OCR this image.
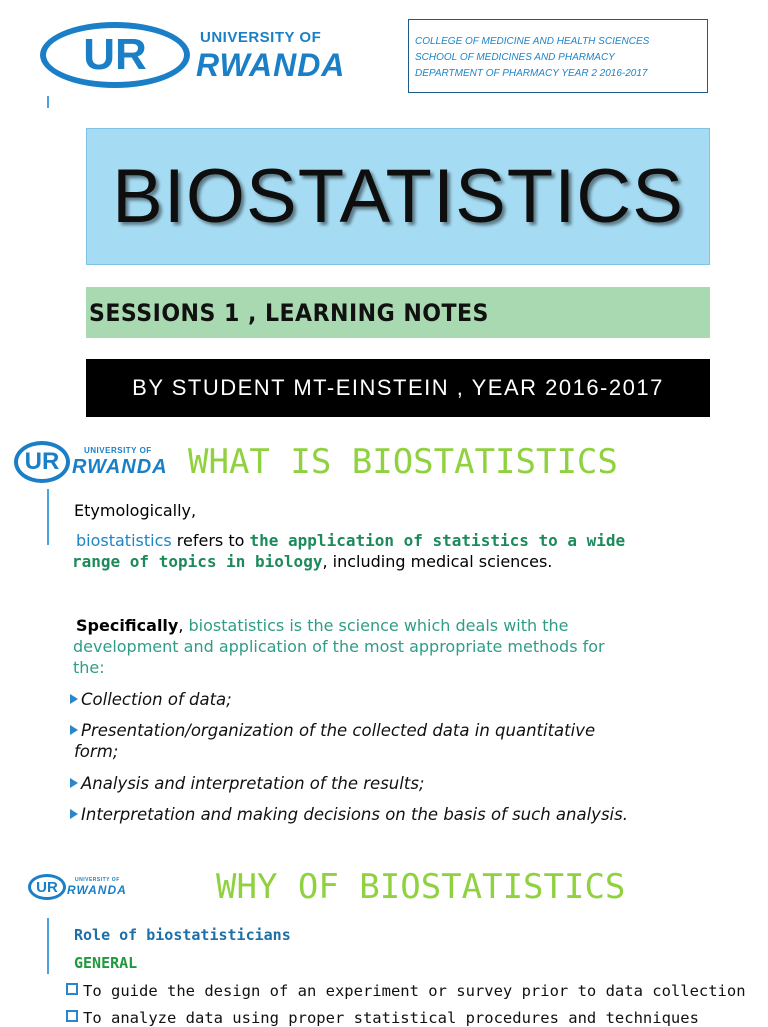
UR	UNIVERSITY OF
RWANDA
COLLEGE OF MEDICINE AND HEALTH SCIENCES
SCHOOL OF MEDICINES AND PHARMACY
DEPARTMENT OF PHARMACY YEAR 2 2016-2017
BIOSTATISTICS
SESSIONS 1 , LEARNING NOTES
BY STUDENT MT-EINSTEIN , YEAR 2016-2017
UR	UNIVERSITY OF
RWANDA WHAT IS BIOSTATISTICS
Etymologically,
biostatistics refers to the application of statistics to a wide
range of topics in biology, including medical sciences.
Specifically, biostatistics is the science which deals with the
development and application of the most appropriate methods for
the:
Collection of data;
Presentation/organization of the collected data in quantitative
form;
Analysis and interpretation of the results;
Interpretation and making decisions on the basis of such analysis.
UR	UNIVERSITY OF
RWANDA	WHY OF BIOSTATISTICS
Role of biostatisticians
GENERAL
To guide the design of an experiment or survey prior to data collection
To analyze data using proper statistical procedures and techniques
